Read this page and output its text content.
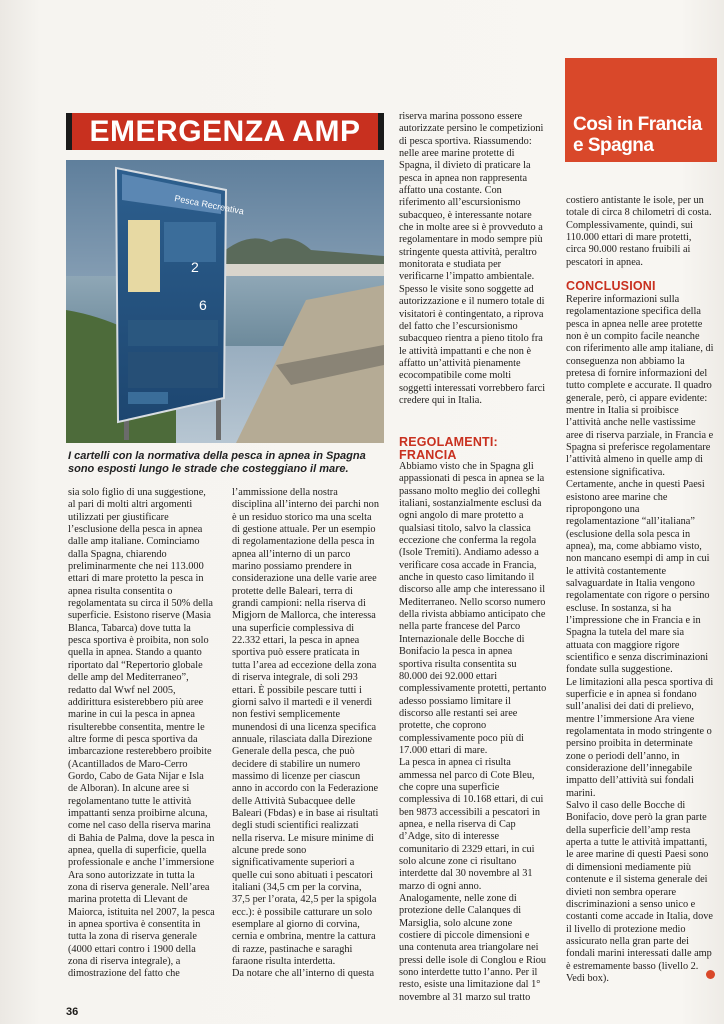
Così in Francia
e Spagna
EMERGENZA AMP
Pesca Recreativa
2
6
I cartelli con la normativa della pesca in apnea in Spagna
sono esposti lungo le strade che costeggiano il mare.
sia solo figlio di una suggestione,
al pari di molti altri argomenti
utilizzati per giustificare
l’esclusione della pesca in apnea
dalle amp italiane. Cominciamo
dalla Spagna, chiarendo
preliminarmente che nei 113.000
ettari di mare protetto la pesca in
apnea risulta consentita o
regolamentata su circa il 50% della
superficie. Esistono riserve (Masia
Blanca, Tabarca) dove tutta la
pesca sportiva è proibita, non solo
quella in apnea. Stando a quanto
riportato dal “Repertorio globale
delle amp del Mediterraneo”,
redatto dal Wwf nel 2005,
addirittura esisterebbero più aree
marine in cui la pesca in apnea
risulterebbe consentita, mentre le
altre forme di pesca sportiva da
imbarcazione resterebbero proibite
(Acantillados de Maro-Cerro
Gordo, Cabo de Gata Nijar e Isla
de Alboran). In alcune aree si
regolamentano tutte le attività
impattanti senza proibirne alcuna,
come nel caso della riserva marina
di Bahia de Palma, dove la pesca in
apnea, quella di superficie, quella
professionale e anche l’immersione
Ara sono autorizzate in tutta la
zona di riserva generale. Nell’area
marina protetta di Llevant de
Maiorca, istituita nel 2007, la pesca
in apnea sportiva è consentita in
tutta la zona di riserva generale
(4000 ettari contro i 1900 della
zona di riserva integrale), a
dimostrazione del fatto che
l’ammissione della nostra
disciplina all’interno dei parchi non
è un residuo storico ma una scelta
di gestione attuale. Per un esempio
di regolamentazione della pesca in
apnea all’interno di un parco
marino possiamo prendere in
considerazione una delle varie aree
protette delle Baleari, terra di
grandi campioni: nella riserva di
Migjorn de Mallorca, che interessa
una superficie complessiva di
22.332 ettari, la pesca in apnea
sportiva può essere praticata in
tutta l’area ad eccezione della zona
di riserva integrale, di soli 293
ettari. È possibile pescare tutti i
giorni salvo il martedì e il venerdì
non festivi semplicemente
munendosi di una licenza specifica
annuale, rilasciata dalla Direzione
Generale della pesca, che può
decidere di stabilire un numero
massimo di licenze per ciascun
anno in accordo con la Federazione
delle Attività Subacquee delle
Baleari (Fbdas) e in base ai risultati
degli studi scientifici realizzati
nella riserva. Le misure minime di
alcune prede sono
significativamente superiori a
quelle cui sono abituati i pescatori
italiani (34,5 cm per la corvina,
37,5 per l’orata, 42,5 per la spigola
ecc.): è possibile catturare un solo
esemplare al giorno di corvina,
cernia e ombrina, mentre la cattura
di razze, pastinache e saraghi
faraone risulta interdetta.
Da notare che all’interno di questa
riserva marina possono essere
autorizzate persino le competizioni
di pesca sportiva. Riassumendo:
nelle aree marine protette di
Spagna, il divieto di praticare la
pesca in apnea non rappresenta
affatto una costante. Con
riferimento all’escursionismo
subacqueo, è interessante notare
che in molte aree si è provveduto a
regolamentare in modo sempre più
stringente questa attività, peraltro
monitorata e studiata per
verificarne l’impatto ambientale.
Spesso le visite sono soggette ad
autorizzazione e il numero totale di
visitatori è contingentato, a riprova
del fatto che l’escursionismo
subacqueo rientra a pieno titolo fra
le attività impattanti e che non è
affatto un’attività pienamente
ecocompatibile come molti
soggetti interessati vorrebbero farci
credere qui in Italia.
REGOLAMENTI:
FRANCIA
Abbiamo visto che in Spagna gli
appassionati di pesca in apnea se la
passano molto meglio dei colleghi
italiani, sostanzialmente esclusi da
ogni angolo di mare protetto a
qualsiasi titolo, salvo la classica
eccezione che conferma la regola
(Isole Tremiti). Andiamo adesso a
verificare cosa accade in Francia,
anche in questo caso limitando il
discorso alle amp che interessano il
Mediterraneo. Nello scorso numero
della rivista abbiamo anticipato che
nella parte francese del Parco
Internazionale delle Bocche di
Bonifacio la pesca in apnea
sportiva risulta consentita su
80.000 dei 92.000 ettari
complessivamente protetti, pertanto
adesso possiamo limitare il
discorso alle restanti sei aree
protette, che coprono
complessivamente poco più di
17.000 ettari di mare.
La pesca in apnea ci risulta
ammessa nel parco di Cote Bleu,
che copre una superficie
complessiva di 10.168 ettari, di cui
ben 9873 accessibili a pescatori in
apnea, e nella riserva di Cap
d’Adge, sito di interesse
comunitario di 2329 ettari, in cui
solo alcune zone ci risultano
interdette dal 30 novembre al 31
marzo di ogni anno.
Analogamente, nelle zone di
protezione delle Calanques di
Marsiglia, solo alcune zone
costiere di piccole dimensioni e
una contenuta area triangolare nei
pressi delle isole di Conglou e Riou
sono interdette tutto l’anno. Per il
resto, esiste una limitazione dal 1°
novembre al 31 marzo sul tratto
costiero antistante le isole, per un
totale di circa 8 chilometri di costa.
Complessivamente, quindi, sui
110.000 ettari di mare protetti,
circa 90.000 restano fruibili ai
pescatori in apnea.
CONCLUSIONI
Reperire informazioni sulla
regolamentazione specifica della
pesca in apnea nelle aree protette
non è un compito facile neanche
con riferimento alle amp italiane, di
conseguenza non abbiamo la
pretesa di fornire informazioni del
tutto complete e accurate. Il quadro
generale, però, ci appare evidente:
mentre in Italia si proibisce
l’attività anche nelle vastissime
aree di riserva parziale, in Francia e
Spagna si preferisce regolamentare
l’attività almeno in quelle amp di
estensione significativa.
Certamente, anche in questi Paesi
esistono aree marine che
ripropongono una
regolamentazione “all’italiana”
(esclusione della sola pesca in
apnea), ma, come abbiamo visto,
non mancano esempi di amp in cui
le attività costantemente
salvaguardate in Italia vengono
regolamentate con rigore o persino
escluse. In sostanza, si ha
l’impressione che in Francia e in
Spagna la tutela del mare sia
attuata con maggiore rigore
scientifico e senza discriminazioni
fondate sulla suggestione.
Le limitazioni alla pesca sportiva di
superficie e in apnea si fondano
sull’analisi dei dati di prelievo,
mentre l’immersione Ara viene
regolamentata in modo stringente o
persino proibita in determinate
zone o periodi dell’anno, in
considerazione dell’innegabile
impatto dell’attività sui fondali
marini.
Salvo il caso delle Bocche di
Bonifacio, dove però la gran parte
della superficie dell’amp resta
aperta a tutte le attività impattanti,
le aree marine di questi Paesi sono
di dimensioni mediamente più
contenute e il sistema generale dei
divieti non sembra operare
discriminazioni a senso unico e
costanti come accade in Italia, dove
il livello di protezione medio
assicurato nella gran parte dei
fondali marini interessati dalle amp
è estremamente basso (livello 2.
Vedi box).
36
